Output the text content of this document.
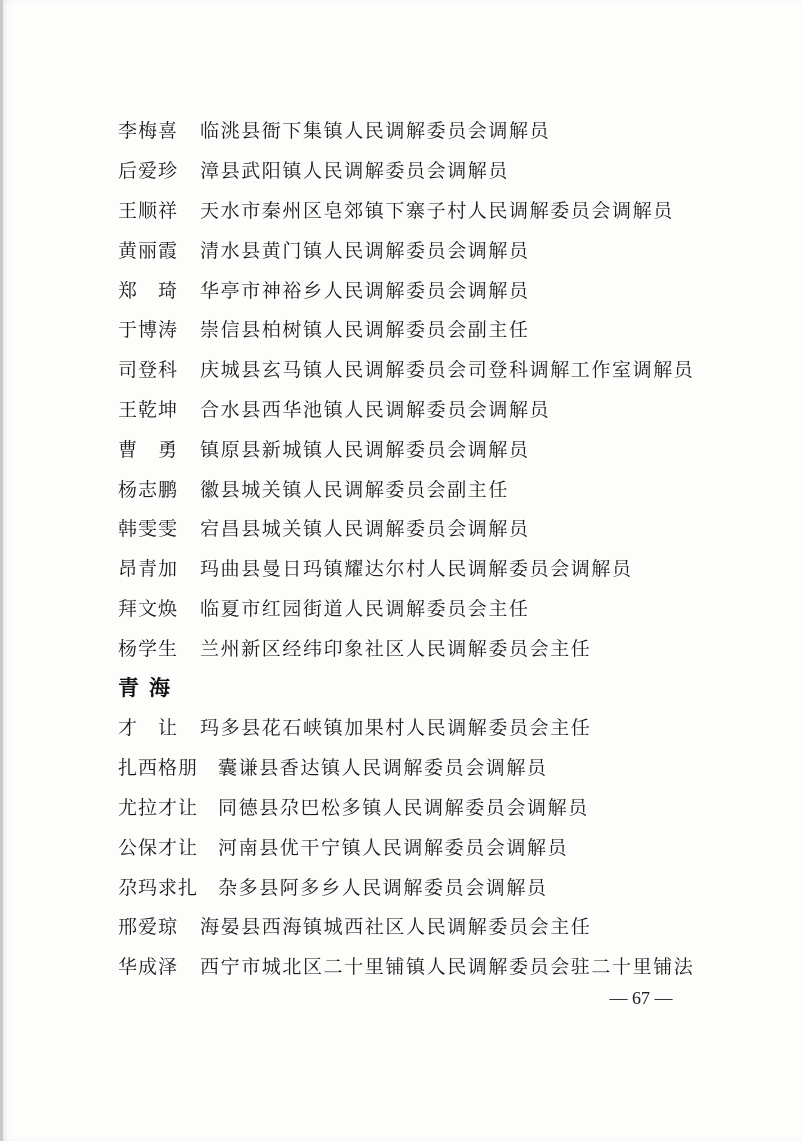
李梅喜	临洮县衙下集镇人民调解委员会调解员
后爱珍	漳县武阳镇人民调解委员会调解员
王顺祥	天水市秦州区皂郊镇下寨子村人民调解委员会调解员
黄丽霞	清水县黄门镇人民调解委员会调解员
郑　琦	华亭市神裕乡人民调解委员会调解员
于博涛	崇信县柏树镇人民调解委员会副主任
司登科	庆城县玄马镇人民调解委员会司登科调解工作室调解员
王乾坤	合水县西华池镇人民调解委员会调解员
曹　勇	镇原县新城镇人民调解委员会调解员
杨志鹏	徽县城关镇人民调解委员会副主任
韩雯雯	宕昌县城关镇人民调解委员会调解员
昂青加	玛曲县曼日玛镇耀达尔村人民调解委员会调解员
拜文焕	临夏市红园街道人民调解委员会主任
杨学生	兰州新区经纬印象社区人民调解委员会主任
青海
才　让	玛多县花石峡镇加果村人民调解委员会主任
扎西格朋	囊谦县香达镇人民调解委员会调解员
尤拉才让	同德县尕巴松多镇人民调解委员会调解员
公保才让	河南县优干宁镇人民调解委员会调解员
尕玛求扎	杂多县阿多乡人民调解委员会调解员
邢爱琼	海晏县西海镇城西社区人民调解委员会主任
华成泽	西宁市城北区二十里铺镇人民调解委员会驻二十里铺法
— 67 —
